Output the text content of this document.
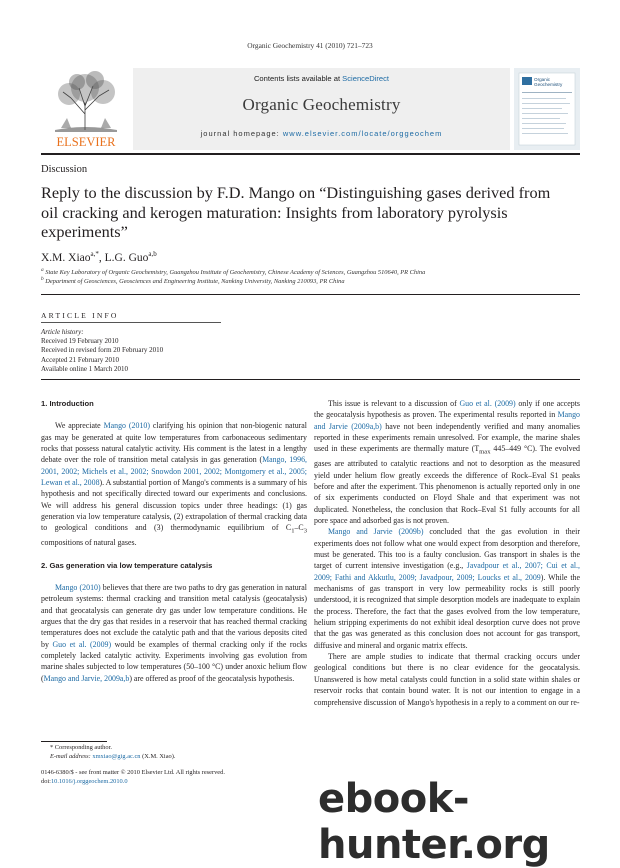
Organic Geochemistry 41 (2010) 721–723
ELSEVIER
Contents lists available at ScienceDirect
Organic Geochemistry
journal homepage: www.elsevier.com/locate/orggeochem
Organic
Geochemistry
Discussion
Reply to the discussion by F.D. Mango on “Distinguishing gases derived from oil cracking and kerogen maturation: Insights from laboratory pyrolysis experiments”
X.M. Xiao$^{a,*}$, L.G. Guo$^{a,b}$
$^a$ State Key Laboratory of Organic Geochemistry, Guangzhou Institute of Geochemistry, Chinese Academy of Sciences, Guangzhou 510640, PR China
$^b$ Department of Geosciences, Geosciences and Engineering Institute, Nanking University, Nanking 210093, PR China
ARTICLE INFO
Article history:
Received 19 February 2010
Received in revised form 20 February 2010
Accepted 21 February 2010
Available online 1 March 2010

1. Introduction

We appreciate Mango (2010) clarifying his opinion that non-biogenic natural gas may be generated at quite low temperatures from carbonaceous sedimentary rocks that possess natural catalytic activity. His comment is the latest in a lengthy debate over the role of transition metal catalysis in gas generation (Mango, 1996, 2001, 2002; Michels et al., 2002; Snowdon 2001, 2002; Montgomery et al., 2005; Lewan et al., 2008). A substantial portion of Mango's comments is a summary of his hypothesis and not specifically directed toward our experiments and conclusions. We will address his general discussion topics under three headings: (1) gas generation via low temperature catalysis, (2) extrapolation of thermal cracking data to geological conditions and (3) thermodynamic equilibrium of $C_1-C_3$ compositions of natural gases.

2. Gas generation via low temperature catalysis

Mango (2010) believes that there are two paths to dry gas generation in natural petroleum systems: thermal cracking and transition metal catalysis (geocatalysis) and that geocatalysis can generate dry gas under low temperature conditions. He argues that the dry gas that resides in a reservoir that has reached thermal cracking temperatures does not exclude the catalytic path and that the various deposits cited by Guo et al. (2009) would be examples of thermal cracking only if the rocks completely lacked catalytic activity. Experiments involving gas evolution from marine shales subjected to low temperatures (50–100 °C) under anoxic helium flow (Mango and Jarvie, 2009a,b) are offered as proof of the geocatalysis hypothesis.

This issue is relevant to a discussion of Guo et al. (2009) only if one accepts the geocatalysis hypothesis as proven. The experimental results reported in Mango and Jarvie (2009a,b) have not been independently verified and many anomalies reported in these experiments remain unresolved. For example, the marine shales used in these experiments are thermally mature ($T_{max}$ 445–449 °C). The evolved gases are attributed to catalytic reactions and not to desorption as the measured yield under helium flow greatly exceeds the difference of Rock–Eval S1 peaks before and after the experiment. This phenomenon is actually reported only in one of six experiments conducted on Floyd Shale and that experiment was not duplicated. Nonetheless, the conclusion that Rock–Eval S1 fully accounts for all pore space and adsorbed gas is not proven.

Mango and Jarvie (2009b) concluded that the gas evolution in their experiments does not follow what one would expect from desorption and therefore, must be generated. This too is a faulty conclusion. Gas transport in shales is the target of current intensive investigation (e.g., Javadpour et al., 2007; Cui et al., 2009; Fathi and Akkutlu, 2009; Javadpour, 2009; Loucks et al., 2009). While the mechanisms of gas transport in very low permeability rocks is still poorly understood, it is recognized that simple desorption models are inadequate to explain the process. Therefore, the fact that the gases evolved from the low temperature, helium stripping experiments do not exhibit ideal desorption curve does not prove that the gas was generated as this conclusion does not account for gas transport, diffusive and mineral and organic matrix effects.

There are ample studies to indicate that thermal cracking occurs under geological conditions but there is no clear evidence for the geocatalysis. Unanswered is how metal catalysts could function in a solid state within shales or reservoir rocks that contain bound water. It is not our intention to engage in a comprehensive discussion of Mango's hypothesis in a reply to a comment on our re-

* Corresponding author.
E-mail address: xmxiao@gig.ac.cn (X.M. Xiao).
0146-6380/$ - see front matter © 2010 Elsevier Ltd. All rights reserved.
doi:10.1016/j.orggeochem.2010.0	ebook-hunter.org
